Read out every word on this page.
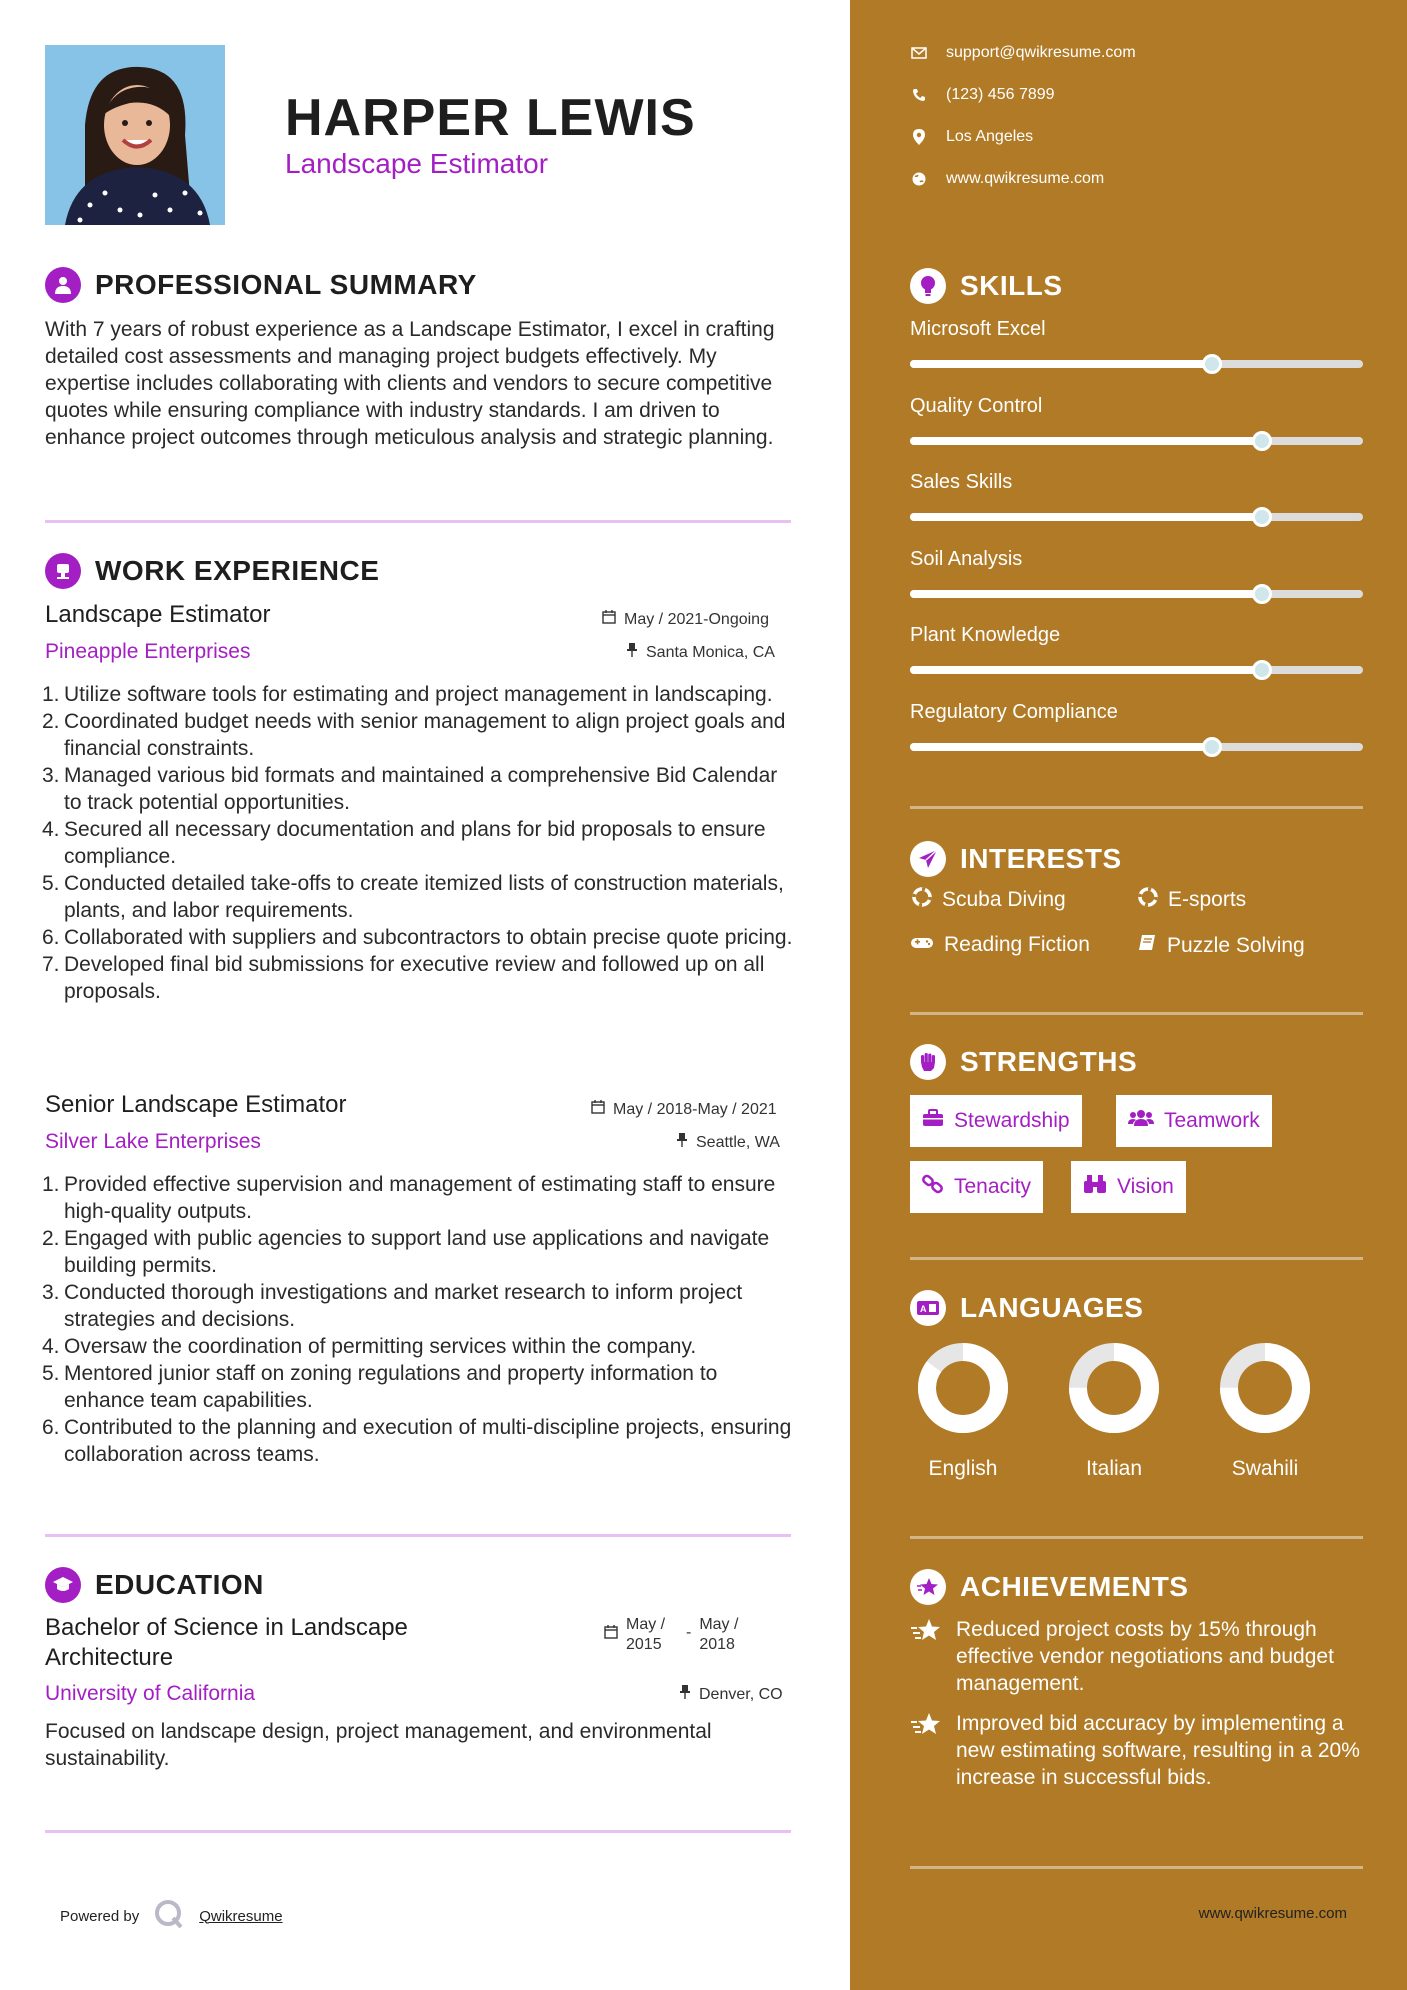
HARPER LEWIS
Landscape Estimator
PROFESSIONAL SUMMARY
With 7 years of robust experience as a Landscape Estimator, I excel in crafting detailed cost assessments and managing project budgets effectively. My expertise includes collaborating with clients and vendors to secure competitive quotes while ensuring compliance with industry standards. I am driven to enhance project outcomes through meticulous analysis and strategic planning.
WORK EXPERIENCE
Landscape Estimator	May / 2021-Ongoing
Pineapple Enterprises	Santa Monica, CA
1. Utilize software tools for estimating and project management in landscaping.
2. Coordinated budget needs with senior management to align project goals and financial constraints.
3. Managed various bid formats and maintained a comprehensive Bid Calendar to track potential opportunities.
4. Secured all necessary documentation and plans for bid proposals to ensure compliance.
5. Conducted detailed take-offs to create itemized lists of construction materials, plants, and labor requirements.
6. Collaborated with suppliers and subcontractors to obtain precise quote pricing.
7. Developed final bid submissions for executive review and followed up on all proposals.
Senior Landscape Estimator	May / 2018-May / 2021
Silver Lake Enterprises	Seattle, WA
1. Provided effective supervision and management of estimating staff to ensure high-quality outputs.
2. Engaged with public agencies to support land use applications and navigate building permits.
3. Conducted thorough investigations and market research to inform project strategies and decisions.
4. Oversaw the coordination of permitting services within the company.
5. Mentored junior staff on zoning regulations and property information to enhance team capabilities.
6. Contributed to the planning and execution of multi-discipline projects, ensuring collaboration across teams.
EDUCATION
Bachelor of Science in Landscape Architecture
May / 2015
- May / 2018
University of California	Denver, CO
Focused on landscape design, project management, and environmental sustainability.
Powered by	Qwikresume
support@qwikresume.com
(123) 456 7899
Los Angeles
www.qwikresume.com
SKILLS
Microsoft Excel
Quality Control
Sales Skills
Soil Analysis
Plant Knowledge
Regulatory Compliance
INTERESTS
Scuba Diving	E-sports
Reading Fiction	Puzzle Solving
STRENGTHS
Stewardship	Teamwork
Tenacity	Vision
A LANGUAGES
English	Italian	Swahili
ACHIEVEMENTS
Reduced project costs by 15% through effective vendor negotiations and budget management.
Improved bid accuracy by implementing a new estimating software, resulting in a 20% increase in successful bids.
www.qwikresume.com
